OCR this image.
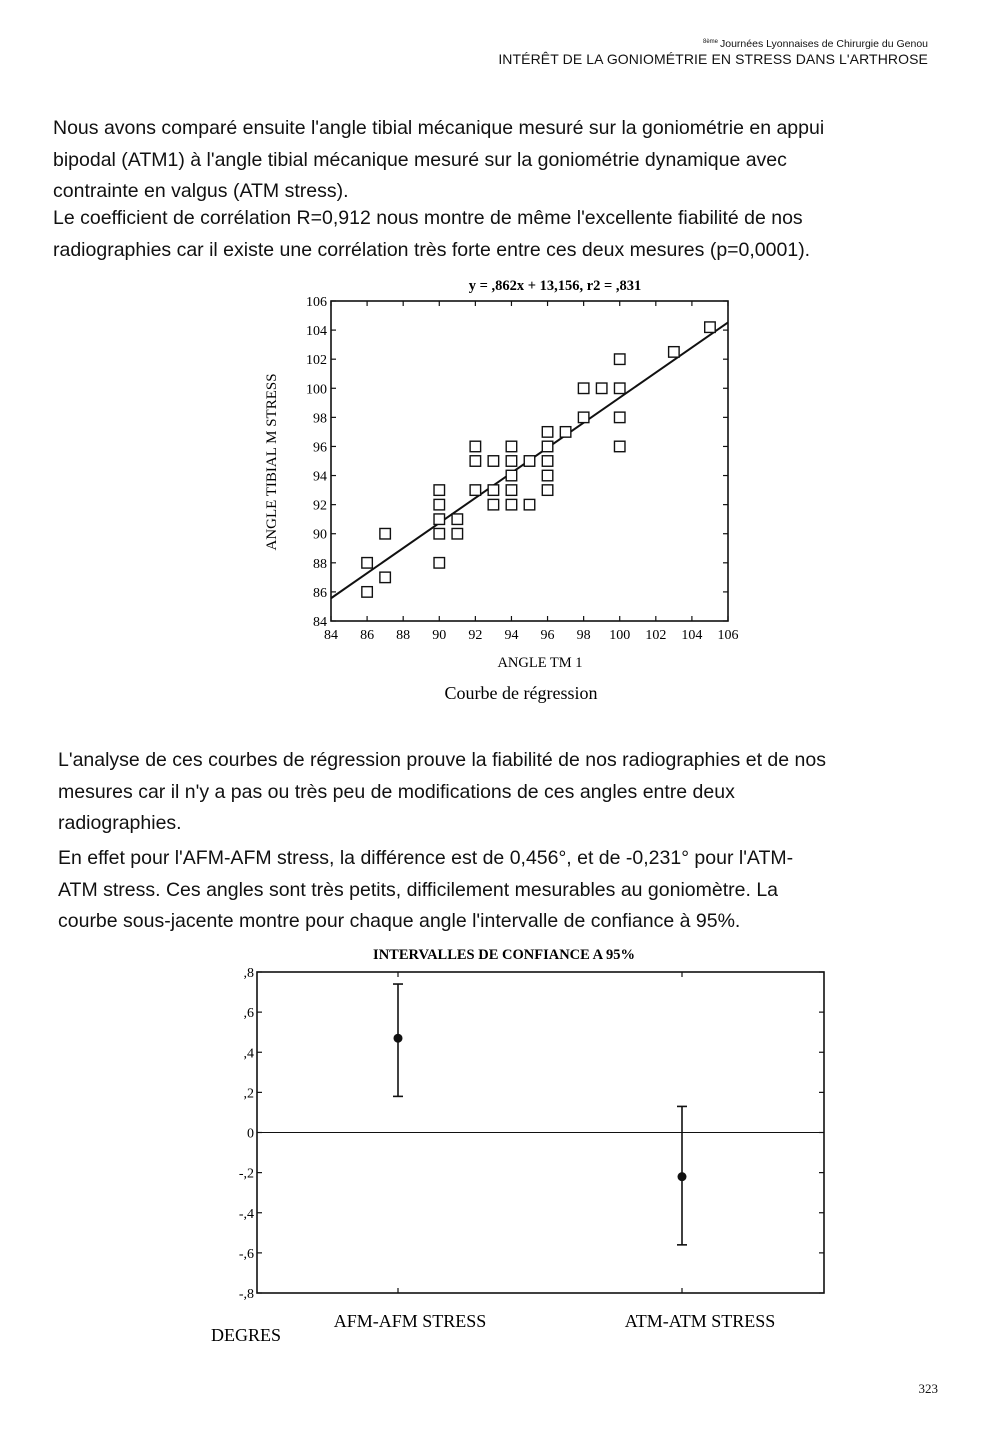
$^{8ème}$ Journées Lyonnaises de Chirurgie du Genou
INTÉRÊT DE LA GONIOMÉTRIE EN STRESS DANS L'ARTHROSE

Nous avons comparé ensuite l'angle tibial mécanique mesuré sur la goniométrie en appui
bipodal (ATM1) à l'angle tibial mécanique mesuré sur la goniométrie dynamique avec
contrainte en valgus (ATM stress).

Le coefficient de corrélation R=0,912 nous montre de même l'excellente fiabilité de nos
radiographies car il existe une corrélation très forte entre ces deux mesures (p=0,0001).

y = ,862x + 13,156, r2 = ,831
84
86
88
90
92
94
96
98
100
102
104
106
84 86 88 90 92 94 96 98 100 102 104 106
ANGLE TM 1
ANGLE TIBIAL M STRESS
Courbe de régression

L'analyse de ces courbes de régression prouve la fiabilité de nos radiographies et de nos
mesures car il n'y a pas ou très peu de modifications de ces angles entre deux
radiographies.

En effet pour l'AFM-AFM stress, la différence est de 0,456°, et de -0,231° pour l'ATM-
ATM stress. Ces angles sont très petits, difficilement mesurables au goniomètre. La
courbe sous-jacente montre pour chaque angle l'intervalle de confiance à 95%.

INTERVALLES DE CONFIANCE A 95%
,8
,6
,4
,2
0
-,2
-,4
-,6
-,8
AFM-AFM STRESS	ATM-ATM STRESS
DEGRES
323
